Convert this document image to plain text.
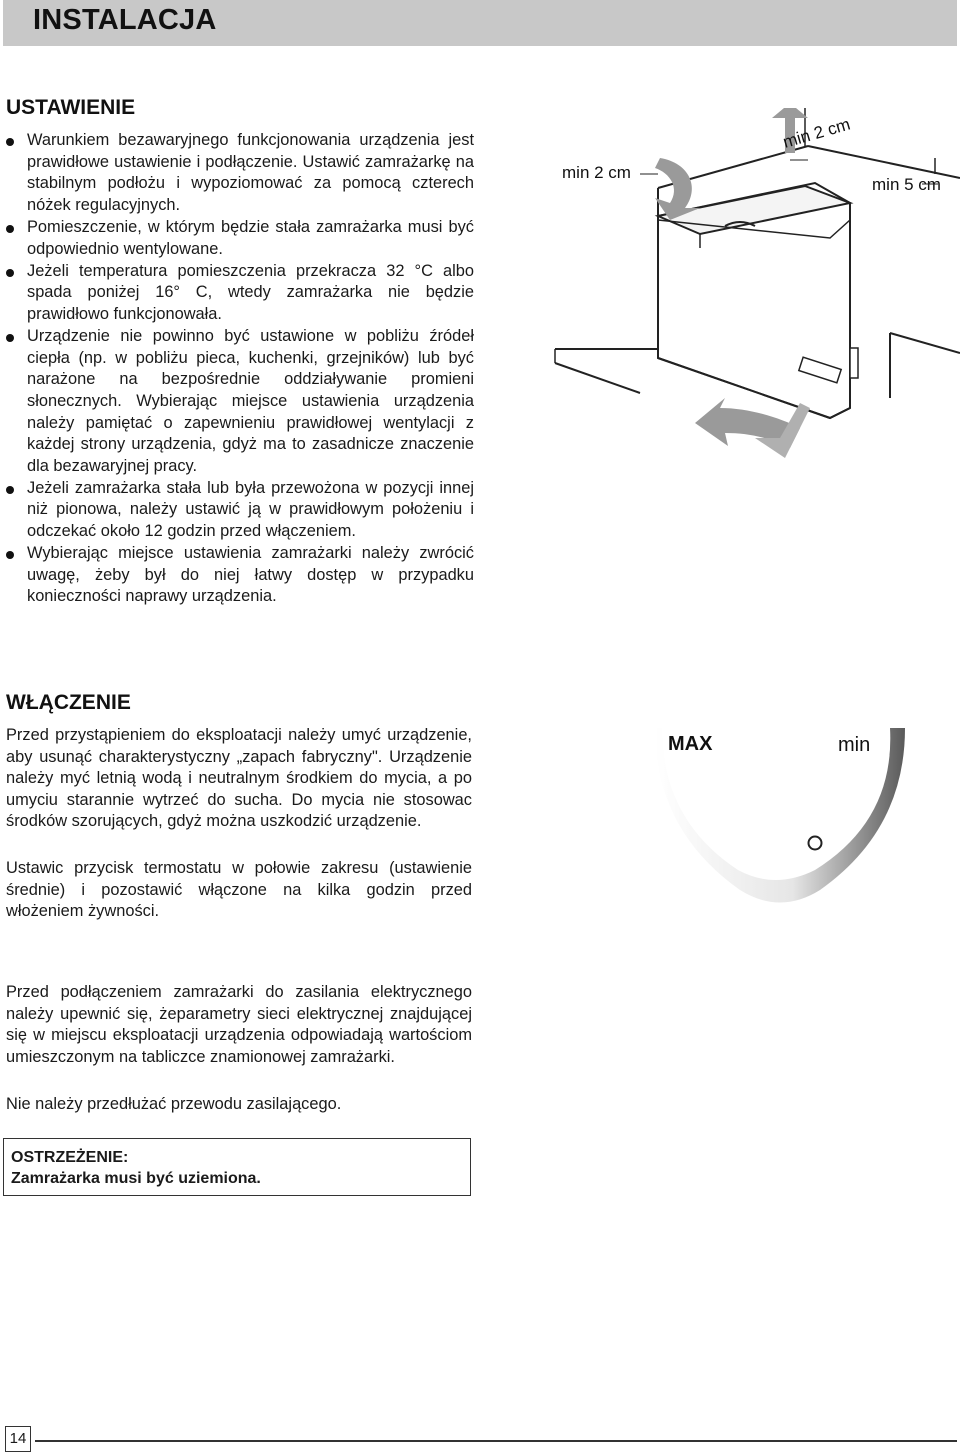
INSTALACJA
USTAWIENIE
Warunkiem bezawaryjnego funkcjonowania urządzenia jest prawidłowe ustawienie i podłączenie. Ustawić zamrażarkę na stabilnym podłożu i wypoziomować za pomocą czterech nóżek regulacyjnych.
Pomieszczenie, w którym będzie stała zamrażarka musi być odpowiednio wentylowane.
Jeżeli temperatura pomieszczenia przekracza 32 °C albo spada poniżej 16° C, wtedy zamrażarka nie będzie prawidłowo funkcjonowała.
Urządzenie nie powinno być ustawione w pobliżu źródeł ciepła (np. w pobliżu pieca, kuchenki, grzejników) lub być narażone na bezpośrednie oddziaływanie promieni słonecznych. Wybierając miejsce ustawienia urządzenia należy pamiętać o zapewnieniu prawidłowej wentylacji z każdej strony urządzenia, gdyż ma to zasadnicze znaczenie dla bezawaryjnej pracy.
Jeżeli zamrażarka stała lub była przewożona w pozycji innej niż pionowa, należy ustawić ją w prawidłowym położeniu i odczekać około 12 godzin przed włączeniem.
Wybierając miejsce ustawienia zamrażarki należy zwrócić uwagę, żeby był do niej łatwy dostęp w przypadku konieczności naprawy urządzenia.
min 2 cm
min 2 cm
min 5 cm
WŁĄCZENIE

Przed przystąpieniem do eksploatacji należy umyć urządzenie, aby usunąć charakterystyczny „zapach fabryczny". Urządzenie należy myć letnią wodą i neutralnym środkiem do mycia, a po umyciu starannie wytrzeć do sucha. Do mycia nie stosowac środków szorujących, gdyż można uszkodzić urządzenie.

Ustawic przycisk termostatu w połowie zakresu (ustawienie średnie) i pozostawić włączone na kilka godzin przed włożeniem żywności.

MAX	min

Przed podłączeniem zamrażarki do zasilania elektrycznego należy upewnić się, żeparametry sieci elektrycznej znajdującej się w miejscu eksploatacji urządzenia odpowiadają wartościom umieszczonym na tabliczce znamionowej zamrażarki.

Nie należy przedłużać przewodu zasilającego.

OSTRZEŻENIE:
Zamrażarka musi być uziemiona.
14
